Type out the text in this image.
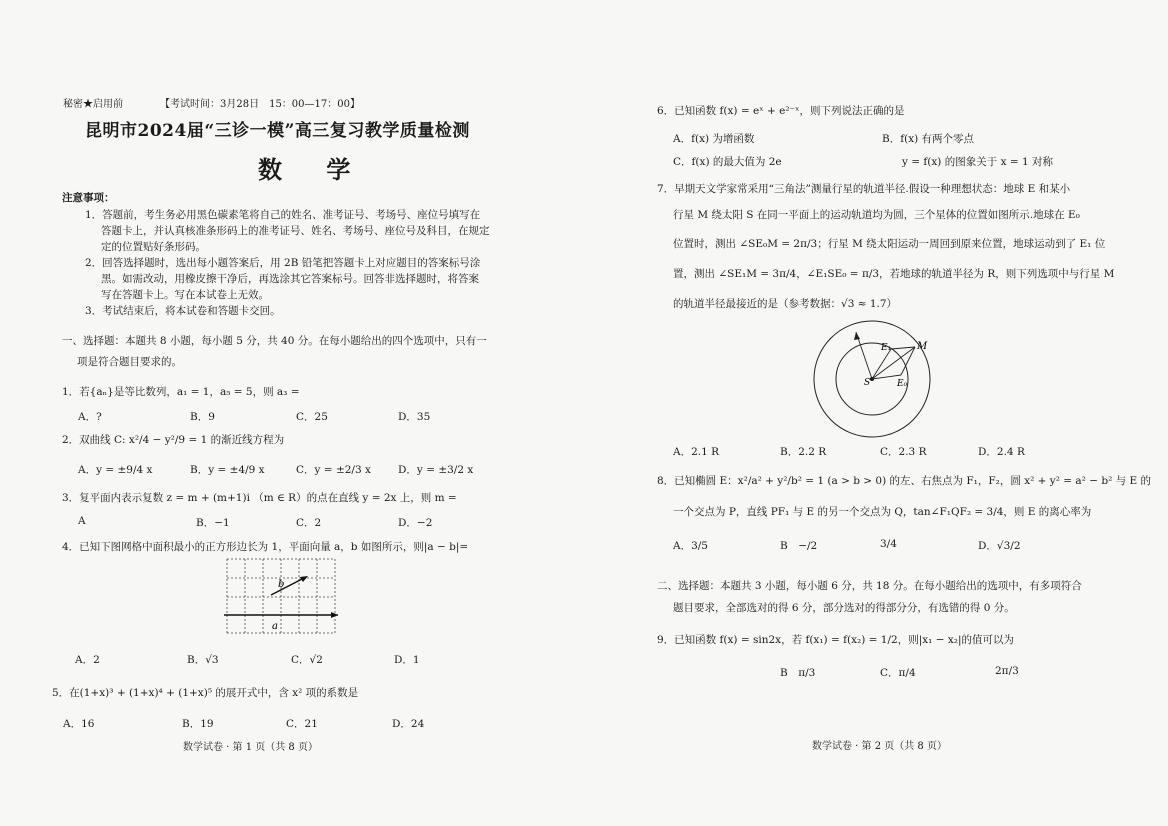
秘密★启用前	【考试时间：3月28日　15：00—17：00】
昆明市2024届“三诊一模”高三复习教学质量检测
数 学
注意事项：
1．答题前，考生务必用黑色碳素笔将自己的姓名、准考证号、考场号、座位号填写在
答题卡上，并认真核准条形码上的准考证号、姓名、考场号、座位号及科目，在规定
定的位置贴好条形码。
2．回答选择题时，选出每小题答案后，用 2B 铅笔把答题卡上对应题目的答案标号涂
黑。如需改动，用橡皮擦干净后，再选涂其它答案标号。回答非选择题时，将答案
写在答题卡上。写在本试卷上无效。
3．考试结束后，将本试卷和答题卡交回。
一、选择题：本题共 8 小题，每小题 5 分，共 40 分。在每小题给出的四个选项中，只有一
项是符合题目要求的。
1．若{aₙ}是等比数列，a₁ = 1，a₅ = 5，则 a₃ =
A．?	B．9	C．25	D．35
2．双曲线 C: x²/4 − y²/9 = 1 的渐近线方程为
A．y = ±9/4 x	B．y = ±4/9 x	C．y = ±2/3 x	D．y = ±3/2 x
3．复平面内表示复数 z = m + (m+1)i （m ∈ R）的点在直线 y = 2x 上，则 m =
A	B．−1	C．2	D．−2
4．已知下图网格中面积最小的正方形边长为 1，平面向量 a，b 如图所示，则|a − b|=
a
b
A．2	B．√3	C．√2	D．1
5．在(1+x)³ + (1+x)⁴ + (1+x)⁵ 的展开式中，含 x² 项的系数是
A．16	B．19	C．21	D．24
数学试卷 · 第 1 页（共 8 页）
6．已知函数 f(x) = eˣ + e²⁻ˣ，则下列说法正确的是
A．f(x) 为增函数	B．f(x) 有两个零点
C．f(x) 的最大值为 2e	y = f(x) 的图象关于 x = 1 对称
7．早期天文学家常采用“三角法”测量行星的轨道半径.假设一种理想状态：地球 E 和某小
行星 M 绕太阳 S 在同一平面上的运动轨道均为圆，三个星体的位置如图所示.地球在 E₀
位置时，测出 ∠SE₀M = 2π/3；行星 M 绕太阳运动一周回到原来位置，地球运动到了 E₁ 位
置，测出 ∠SE₁M = 3π/4，∠E₁SE₀ = π/3，若地球的轨道半径为 R，则下列选项中与行星 M
的轨道半径最接近的是（参考数据：√3 ≈ 1.7）
M
S
E₁
E₀
A．2.1 R	B．2.2 R	C．2.3 R	D．2.4 R
8．已知椭圆 E：x²/a² + y²/b² = 1 (a > b > 0) 的左、右焦点为 F₁，F₂，圆 x² + y² = a² − b² 与 E 的
一个交点为 P，直线 PF₁ 与 E 的另一个交点为 Q，tan∠F₁QF₂ = 3/4，则 E 的离心率为
A．3/5	B　−/2	3/4	D．√3/2
二、选择题：本题共 3 小题，每小题 6 分，共 18 分。在每小题给出的选项中，有多项符合
题目要求，全部选对的得 6 分，部分选对的得部分分，有选错的得 0 分。
9．已知函数 f(x) = sin2x，若 f(x₁) = f(x₂) = 1/2，则|x₁ − x₂|的值可以为
B　π/3	C．π/4	2π/3
数学试卷 · 第 2 页（共 8 页）
